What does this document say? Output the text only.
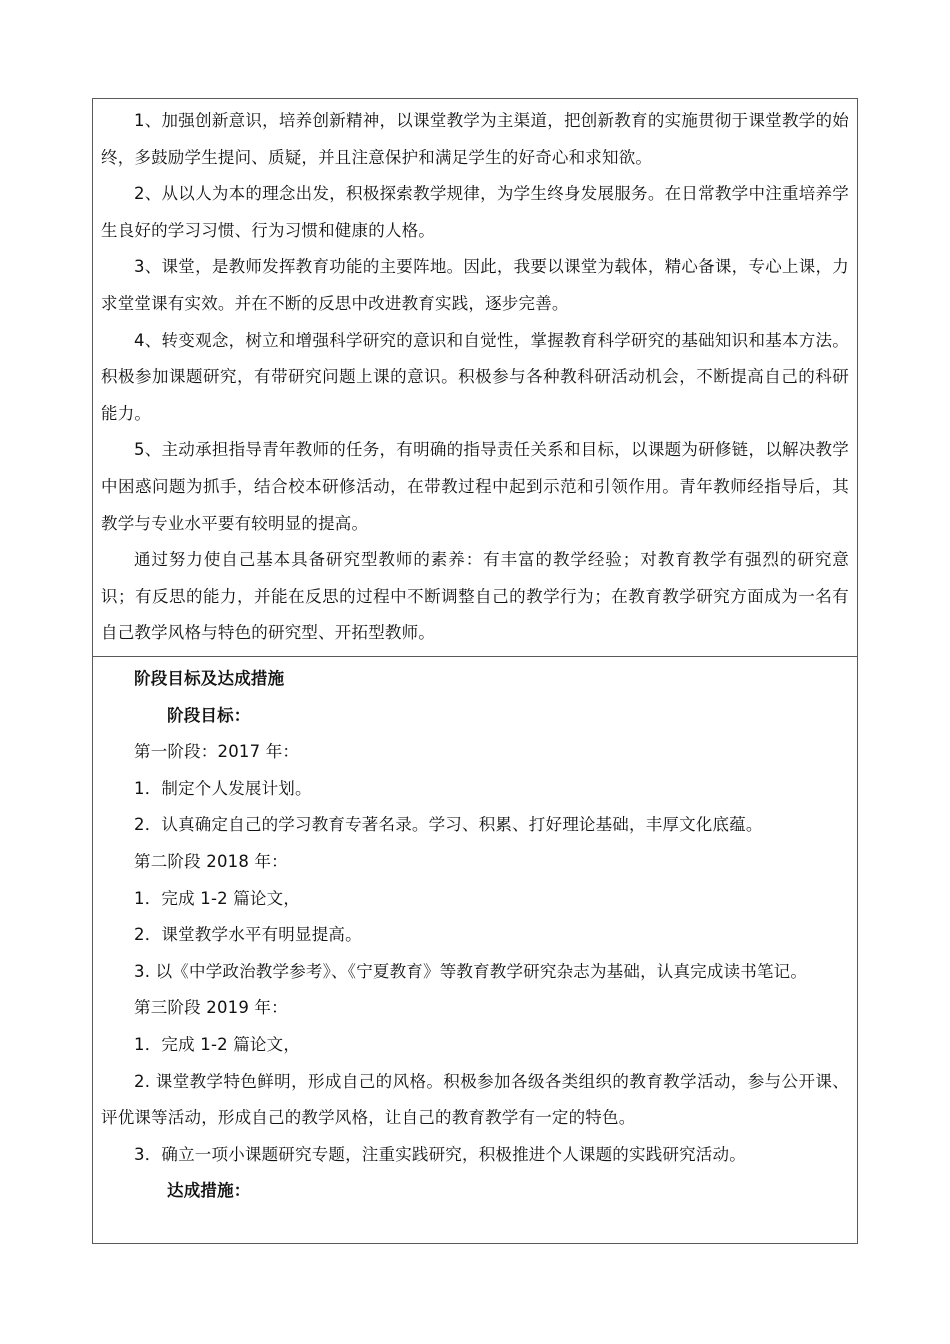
1、加强创新意识，培养创新精神，以课堂教学为主渠道，把创新教育的实施贯彻于课堂教学的始终，多鼓励学生提问、质疑，并且注意保护和满足学生的好奇心和求知欲。

2、从以人为本的理念出发，积极探索教学规律，为学生终身发展服务。在日常教学中注重培养学生良好的学习习惯、行为习惯和健康的人格。

3、课堂，是教师发挥教育功能的主要阵地。因此，我要以课堂为载体，精心备课，专心上课，力求堂堂课有实效。并在不断的反思中改进教育实践，逐步完善。

4、转变观念，树立和增强科学研究的意识和自觉性，掌握教育科学研究的基础知识和基本方法。积极参加课题研究，有带研究问题上课的意识。积极参与各种教科研活动机会，不断提高自己的科研能力。

5、主动承担指导青年教师的任务，有明确的指导责任关系和目标，以课题为研修链，以解决教学中困惑问题为抓手，结合校本研修活动，在带教过程中起到示范和引领作用。青年教师经指导后，其教学与专业水平要有较明显的提高。

通过努力使自己基本具备研究型教师的素养：有丰富的教学经验；对教育教学有强烈的研究意识；有反思的能力，并能在反思的过程中不断调整自己的教学行为；在教育教学研究方面成为一名有自己教学风格与特色的研究型、开拓型教师。

阶段目标及达成措施

阶段目标：

第一阶段：2017 年：

1．制定个人发展计划。

2．认真确定自己的学习教育专著名录。学习、积累、打好理论基础，丰厚文化底蕴。

第二阶段 2018 年：

1．完成 1-2 篇论文，

2．课堂教学水平有明显提高。

3. 以《中学政治教学参考》、《宁夏教育》等教育教学研究杂志为基础，认真完成读书笔记。

第三阶段 2019 年：

1．完成 1-2 篇论文，

2. 课堂教学特色鲜明，形成自己的风格。积极参加各级各类组织的教育教学活动，参与公开课、评优课等活动，形成自己的教学风格，让自己的教育教学有一定的特色。

3．确立一项小课题研究专题，注重实践研究，积极推进个人课题的实践研究活动。

达成措施：
